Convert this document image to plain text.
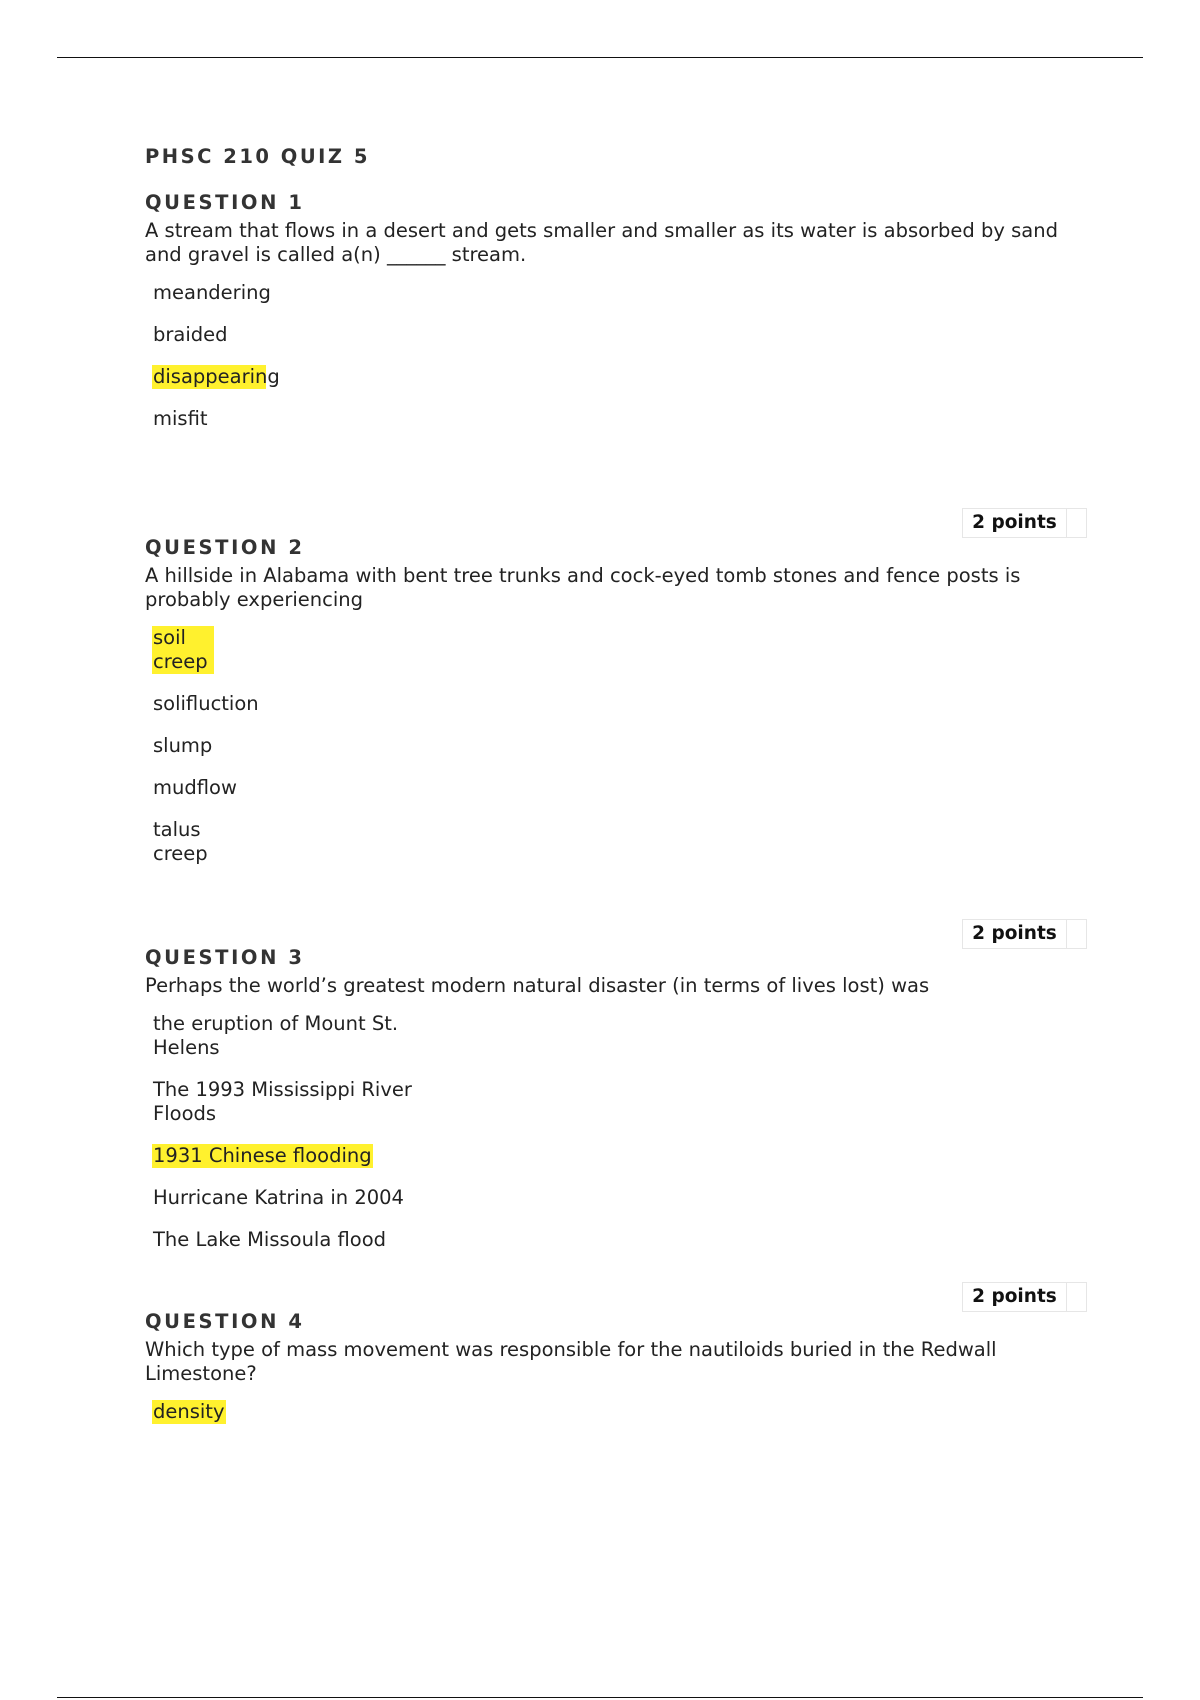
PHSC 210 QUIZ 5
QUESTION 1

A stream that flows in a desert and gets smaller and smaller as its water is absorbed by sand and gravel is called a(n) ______ stream.

meandering
braided
disappearing
misfit
QUESTION 2

A hillside in Alabama with bent tree trunks and cock-eyed tomb stones and fence posts is probably experiencing

soil creep
solifluction
slump
mudflow
talus creep
QUESTION 3

Perhaps the world’s greatest modern natural disaster (in terms of lives lost) was

the eruption of Mount St. Helens
The 1993 Mississippi River Floods
1931 Chinese flooding
Hurricane Katrina in 2004
The Lake Missoula flood
QUESTION 4

Which type of mass movement was responsible for the nautiloids buried in the Redwall Limestone?

density
2 points
2 points
2 points
